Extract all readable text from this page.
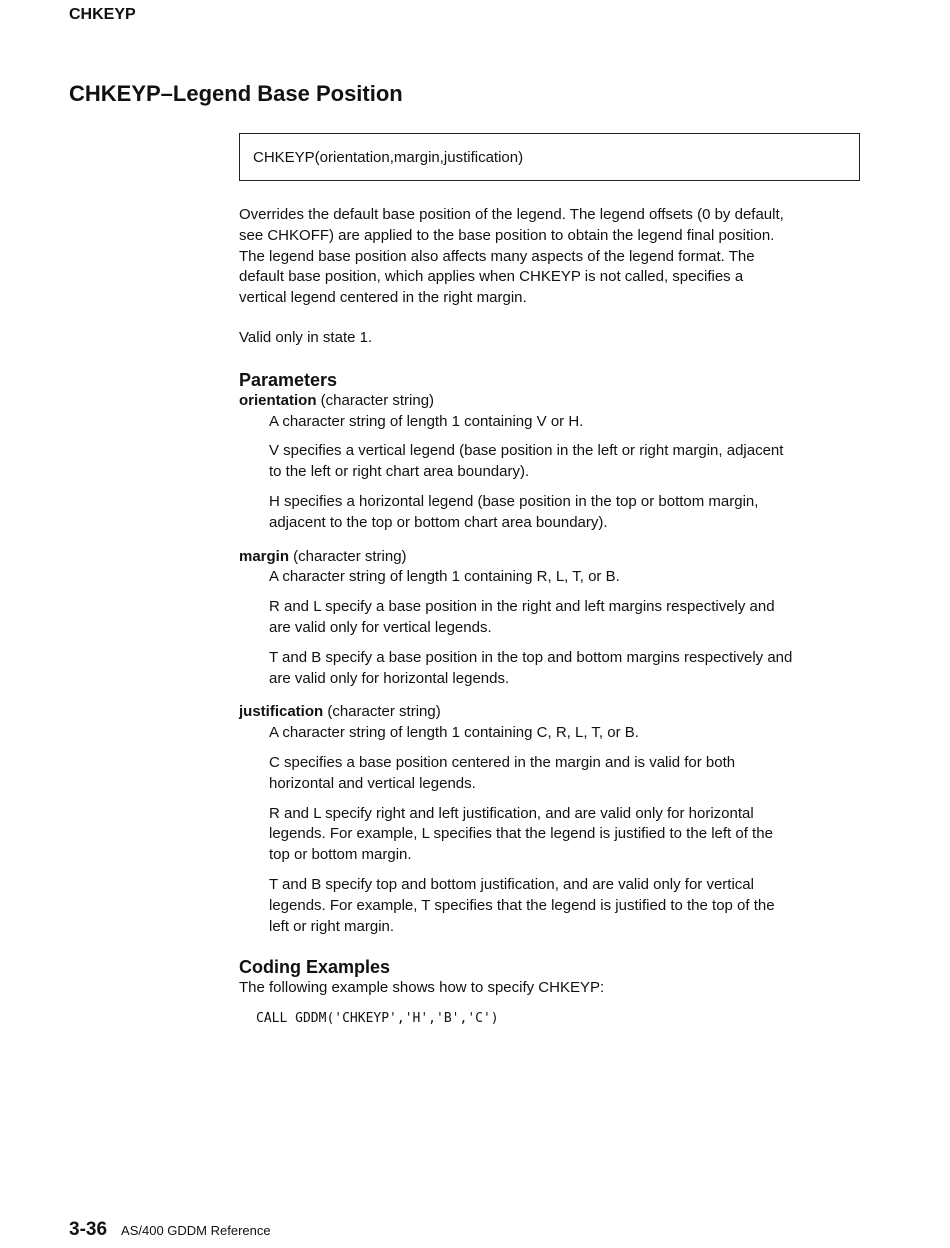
CHKEYP
CHKEYP–Legend Base Position
CHKEYP(orientation,margin,justification)

Overrides the default base position of the legend. The legend offsets (0 by default,
see CHKOFF) are applied to the base position to obtain the legend final position.
The legend base position also affects many aspects of the legend format. The
default base position, which applies when CHKEYP is not called, specifies a
vertical legend centered in the right margin.

Valid only in state 1.

Parameters

orientation (character string)

A character string of length 1 containing V or H.

V specifies a vertical legend (base position in the left or right margin, adjacent
to the left or right chart area boundary).

H specifies a horizontal legend (base position in the top or bottom margin,
adjacent to the top or bottom chart area boundary).

margin (character string)

A character string of length 1 containing R, L, T, or B.

R and L specify a base position in the right and left margins respectively and
are valid only for vertical legends.

T and B specify a base position in the top and bottom margins respectively and
are valid only for horizontal legends.

justification (character string)

A character string of length 1 containing C, R, L, T, or B.

C specifies a base position centered in the margin and is valid for both
horizontal and vertical legends.

R and L specify right and left justification, and are valid only for horizontal
legends. For example, L specifies that the legend is justified to the left of the
top or bottom margin.

T and B specify top and bottom justification, and are valid only for vertical
legends. For example, T specifies that the legend is justified to the top of the
left or right margin.

Coding Examples

The following example shows how to specify CHKEYP:

CALL GDDM('CHKEYP','H','B','C')

3-36 AS/400 GDDM Reference
